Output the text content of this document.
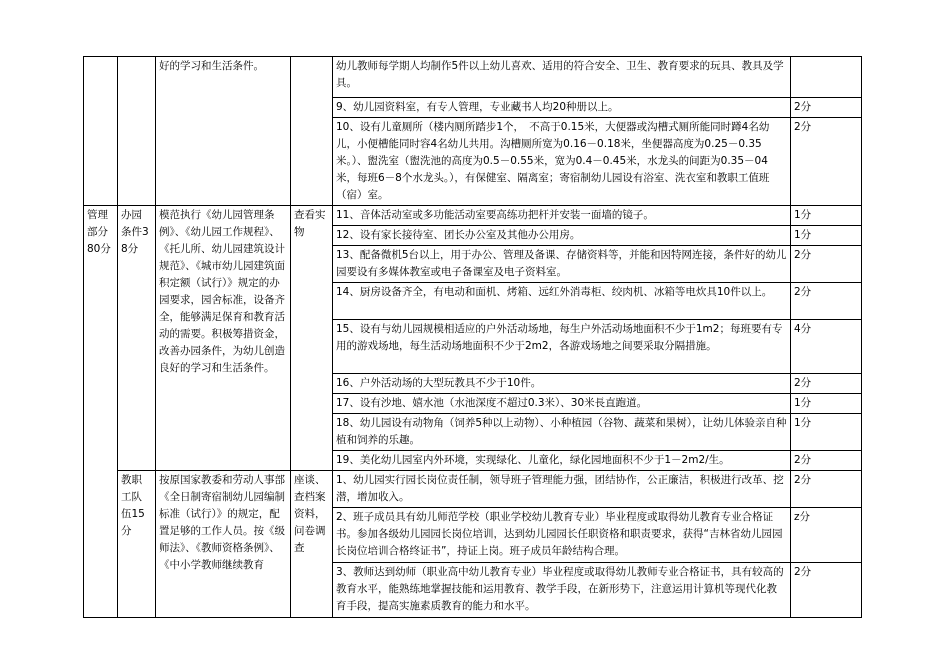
		好的学习和生活条件。		幼儿教师每学期人均制作5件以上幼儿喜欢、适用的符合安全、卫生、教育要求的玩具、教具及学具。	
				9、幼儿园资料室，有专人管理，专业藏书人均20种册以上。	2分
				10、设有儿童厕所（楼内厕所踏步1个，　不高于0.15米，大便器或沟槽式厕所能同时蹲4名幼儿，小便槽能同时容4名幼儿共用。沟槽厕所宽为0.16－0.18米，坐便器高度为0.25－0.35米。）、盥洗室（盥洗池的高度为0.5－0.55米，宽为0.4－0.45米，水龙头的间距为0.35－04米，每班6－8个水龙头。），有保健室、隔离室；寄宿制幼儿园设有浴室、洗衣室和教职工值班（宿）室。	2分
管理部分80分	办园条件38分	模范执行《幼儿园管理条例》、《幼儿园工作规程》、《托儿所、幼儿园建筑设计规范》、《城市幼儿园建筑面积定额（试行）》规定的办园要求，园舍标准，设备齐全，能够满足保育和教育活动的需要。积极筹措资金，改善办园条件，为幼儿创造良好的学习和生活条件。	查看实物	11、音体活动室或多功能活动室要高练功把杆并安装一面墙的镜子。	1分
				12、设有家长接待室、团长办公室及其他办公用房。	1分
				13、配备微机5台以上，用于办公、管理及备课、存储资料等，并能和因特网连接，条件好的幼儿园要设有多媒体教室或电子备课室及电子资料室。	2分
				14、厨房设备齐全，有电动和面机、烤箱、远红外消毒柜、绞肉机、冰箱等电炊具10件以上。	2分
				15、设有与幼儿园规模相适应的户外活动场地，每生户外活动场地面积不少于1m2；每班要有专用的游戏场地，每生活动场地面积不少于2m2，各游戏场地之间要采取分隔措施。	4分
				16、户外活动场的大型玩教具不少于10件。	2分
				17、设有沙地、嬉水池（水池深度不超过0.3米）、30米長直跑道。	1分
				18、幼儿园设有动物角（饲养5种以上动物）、小种植园（谷物、蔬菜和果树），让幼儿体验亲自种植和饲养的乐趣。	1分
				19、美化幼儿园室内外环境，实现绿化、儿童化，绿化园地面积不少于1－2m2/生。	2分
	教职工队伍15分	按原国家教委和劳动人事部《全日制寄宿制幼儿园编制标准（试行）》的规定，配置足够的工作人员。按《级师法》、《教师资格条例》、《中小学教师继续教育	座谈、查档案资料，问卷调查	1、幼儿园实行园长岗位责任制，领导班子管理能力强，团结协作，公正廉洁，积极进行改革、挖潜，增加收入。	2分
				2、班子成员具有幼儿师范学校（职业学校幼儿教育专业）毕业程度或取得幼儿教育专业合格证书。参加各级幼儿园园长岗位培训，达到幼儿园园长任职资格和职责要求，获得“吉林省幼儿园园长岗位培训合格终证书”，持证上岗。班子成员年龄结构合理。	z分
				3、教师达到幼师（职业高中幼儿教育专业）毕业程度或取得幼儿教师专业合格证书，具有较高的教育水平，能熟练地掌握技能和运用教育、教学手段，在新形势下，注意运用计算机等现代化教育手段，提高实施素质教育的能力和水平。	2分
